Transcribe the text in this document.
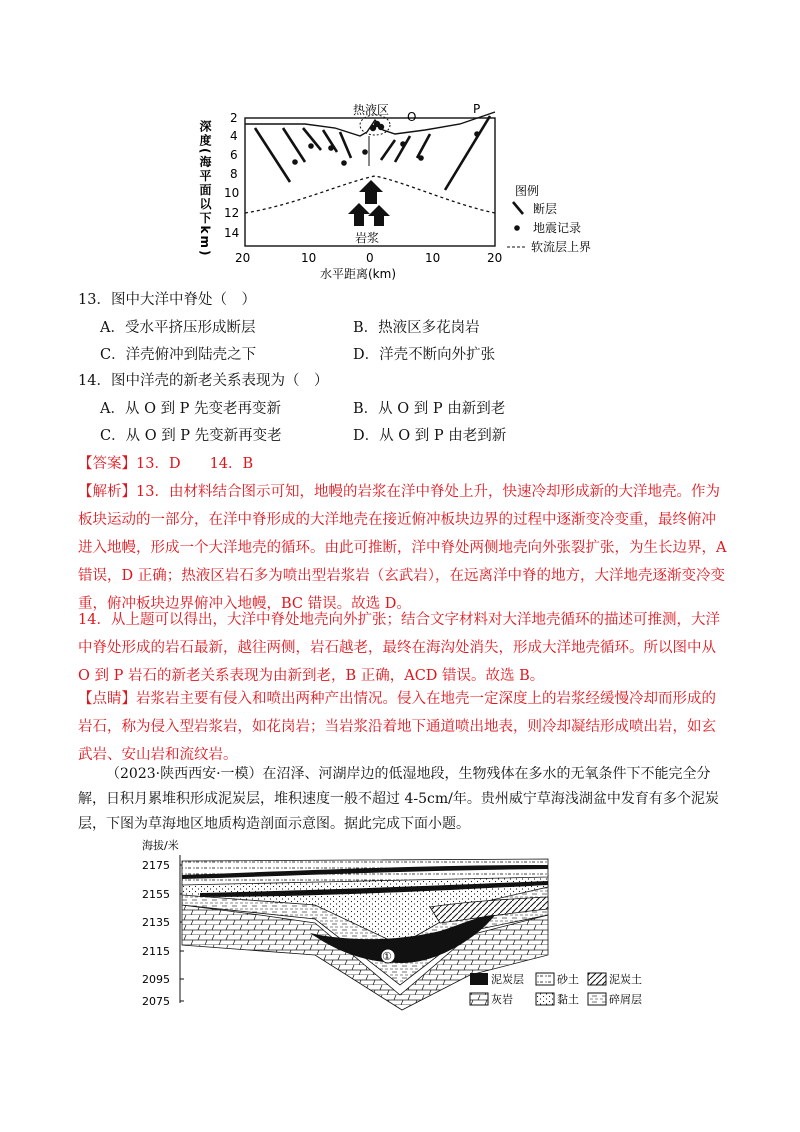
深度(海平面以下km)
2
4
6
8
10
12
14
热液区 O
P
岩浆
20	10	0	10	20
水平距离(km)
图例
断层
地震记录
软流层上界
13．图中大洋中脊处（　）
A．受水平挤压形成断层	B．热液区多花岗岩
C．洋壳俯冲到陆壳之下	D．洋壳不断向外扩张
14．图中洋壳的新老关系表现为（　）
A．从 O 到 P 先变老再变新	B．从 O 到 P 由新到老
C．从 O 到 P 先变新再变老	D．从 O 到 P 由老到新
【答案】13．D　　14．B
【解析】13．由材料结合图示可知，地幔的岩浆在洋中脊处上升，快速冷却形成新的大洋地壳。作为板块运动的一部分，在洋中脊形成的大洋地壳在接近俯冲板块边界的过程中逐渐变冷变重，最终俯冲进入地幔，形成一个大洋地壳的循环。由此可推断，洋中脊处两侧地壳向外张裂扩张，为生长边界，A 错误，D 正确；热液区岩石多为喷出型岩浆岩（玄武岩），在远离洋中脊的地方，大洋地壳逐渐变冷变重，俯冲板块边界俯冲入地幔，BC 错误。故选 D。
14．从上题可以得出，大洋中脊处地壳向外扩张；结合文字材料对大洋地壳循环的描述可推测，大洋中脊处形成的岩石最新，越往两侧，岩石越老，最终在海沟处消失，形成大洋地壳循环。所以图中从 O 到 P 岩石的新老关系表现为由新到老，B 正确，ACD 错误。故选 B。
【点睛】岩浆岩主要有侵入和喷出两种产出情况。侵入在地壳一定深度上的岩浆经缓慢冷却而形成的岩石，称为侵入型岩浆岩，如花岗岩；当岩浆沿着地下通道喷出地表，则冷却凝结形成喷出岩，如玄武岩、安山岩和流纹岩。
（2023·陕西西安·一模）在沼泽、河湖岸边的低湿地段，生物残体在多水的无氧条件下不能完全分解，日积月累堆积形成泥炭层，堆积速度一般不超过 4-5cm/年。贵州威宁草海浅湖盆中发育有多个泥炭层，下图为草海地区地质构造剖面示意图。据此完成下面小题。
海拔/米
2175
2155
2135
2115
2095
2075
①
泥炭层	砂土	泥炭土
灰岩	黏土	碎屑层
